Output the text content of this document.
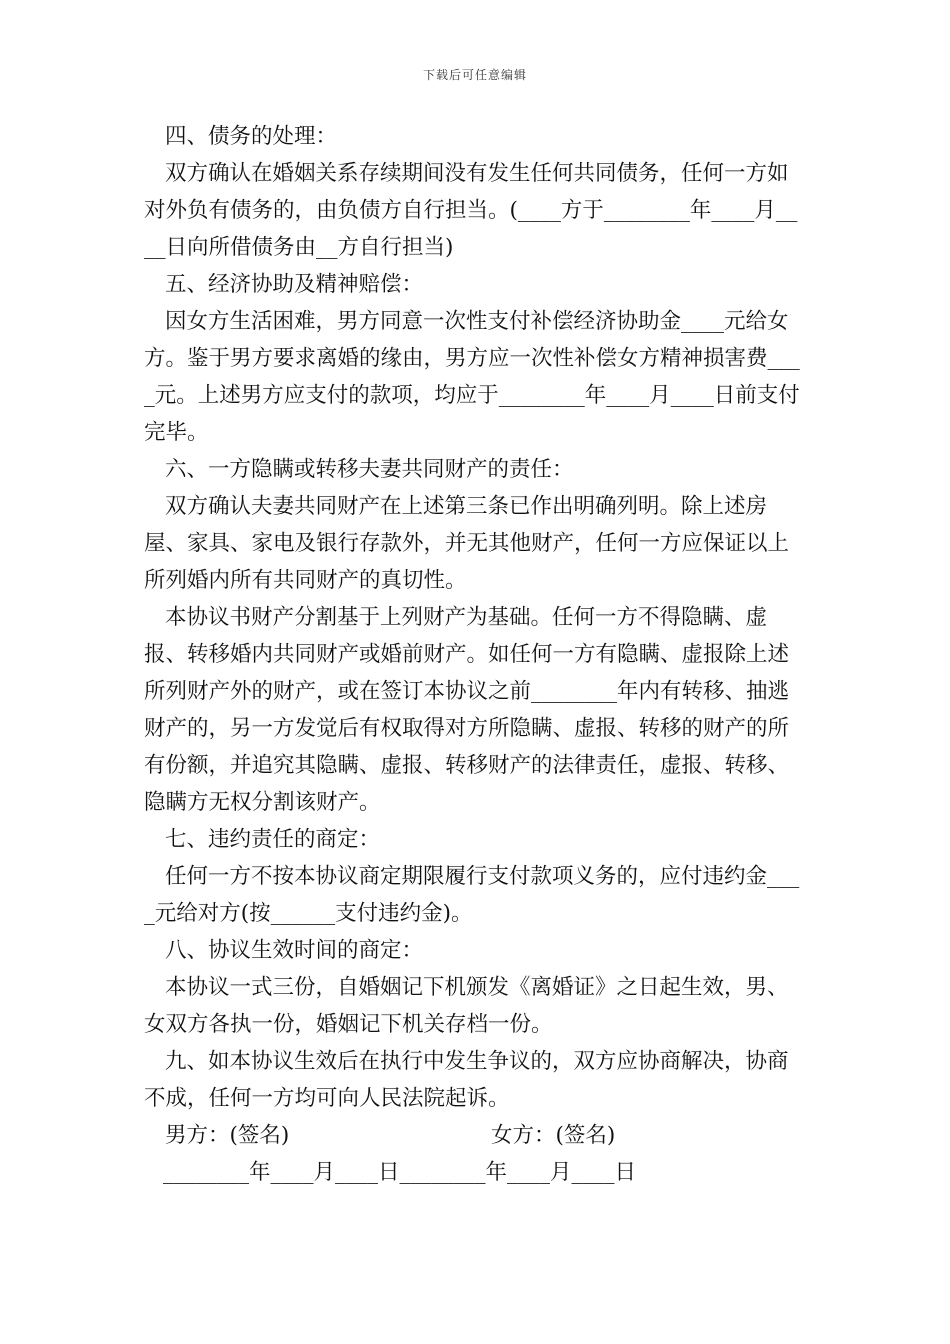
下载后可任意编辑

四、债务的处理：

双方确认在婚姻关系存续期间没有发生任何共同债务，任何一方如对外负有债务的，由负债方自行担当。(____方于________年____月____日向所借债务由__方自行担当)

五、经济协助及精神赔偿：

因女方生活困难，男方同意一次性支付补偿经济协助金____元给女方。鉴于男方要求离婚的缘由，男方应一次性补偿女方精神损害费____元。上述男方应支付的款项，均应于________年____月____日前支付完毕。

六、一方隐瞒或转移夫妻共同财产的责任：

双方确认夫妻共同财产在上述第三条已作出明确列明。除上述房屋、家具、家电及银行存款外，并无其他财产，任何一方应保证以上所列婚内所有共同财产的真切性。

本协议书财产分割基于上列财产为基础。任何一方不得隐瞒、虚报、转移婚内共同财产或婚前财产。如任何一方有隐瞒、虚报除上述所列财产外的财产，或在签订本协议之前________年内有转移、抽逃财产的，另一方发觉后有权取得对方所隐瞒、虚报、转移的财产的所有份额，并追究其隐瞒、虚报、转移财产的法律责任，虚报、转移、隐瞒方无权分割该财产。

七、违约责任的商定：

任何一方不按本协议商定期限履行支付款项义务的，应付违约金____元给对方(按______支付违约金)。

八、协议生效时间的商定：

本协议一式三份，自婚姻记下机颁发《离婚证》之日起生效，男、女双方各执一份，婚姻记下机关存档一份。

九、如本协议生效后在执行中发生争议的，双方应协商解决，协商不成，任何一方均可向人民法院起诉。

男方：(签名)	女方：(签名)

________年____月____日________年____月____日
